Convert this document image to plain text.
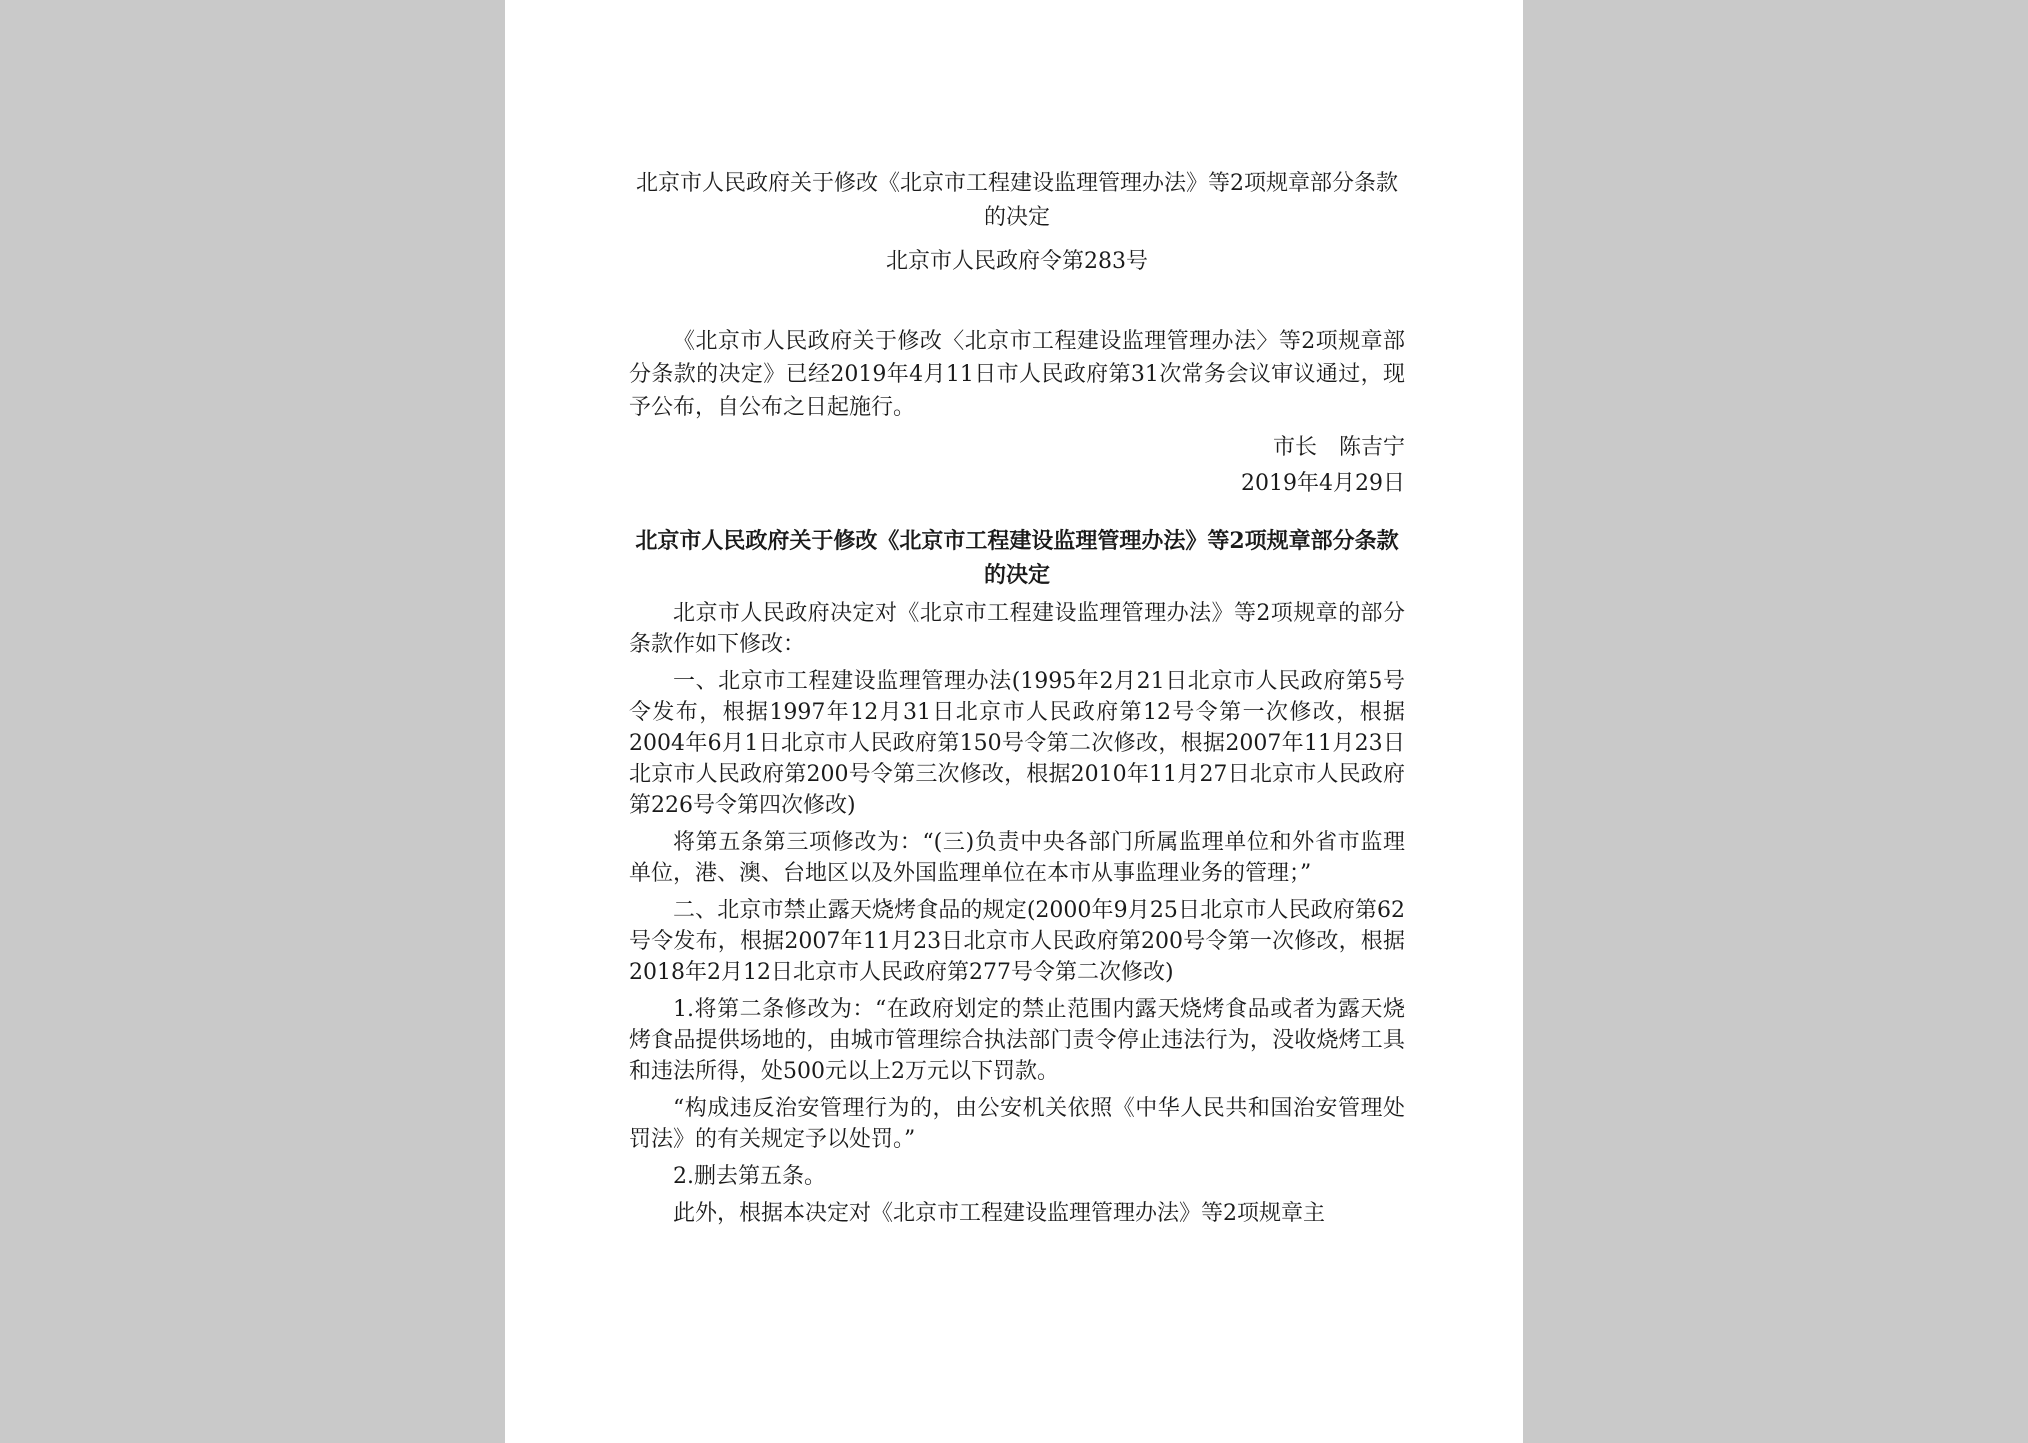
北京市人民政府关于修改《北京市工程建设监理管理办法》等2项规章部分条款的决定
北京市人民政府令第283号

《北京市人民政府关于修改〈北京市工程建设监理管理办法〉等2项规章部分条款的决定》已经2019年4月11日市人民政府第31次常务会议审议通过，现予公布，自公布之日起施行。

市长　陈吉宁
2019年4月29日
北京市人民政府关于修改《北京市工程建设监理管理办法》等2项规章部分条款的决定

北京市人民政府决定对《北京市工程建设监理管理办法》等2项规章的部分条款作如下修改：

一、北京市工程建设监理管理办法(1995年2月21日北京市人民政府第5号令发布，根据1997年12月31日北京市人民政府第12号令第一次修改，根据2004年6月1日北京市人民政府第150号令第二次修改，根据2007年11月23日北京市人民政府第200号令第三次修改，根据2010年11月27日北京市人民政府第226号令第四次修改)

将第五条第三项修改为：“(三)负责中央各部门所属监理单位和外省市监理单位，港、澳、台地区以及外国监理单位在本市从事监理业务的管理；”

二、北京市禁止露天烧烤食品的规定(2000年9月25日北京市人民政府第62号令发布，根据2007年11月23日北京市人民政府第200号令第一次修改，根据2018年2月12日北京市人民政府第277号令第二次修改)

1.将第二条修改为：“在政府划定的禁止范围内露天烧烤食品或者为露天烧烤食品提供场地的，由城市管理综合执法部门责令停止违法行为，没收烧烤工具和违法所得，处500元以上2万元以下罚款。

“构成违反治安管理行为的，由公安机关依照《中华人民共和国治安管理处罚法》的有关规定予以处罚。”

2.删去第五条。

此外，根据本决定对《北京市工程建设监理管理办法》等2项规章主
